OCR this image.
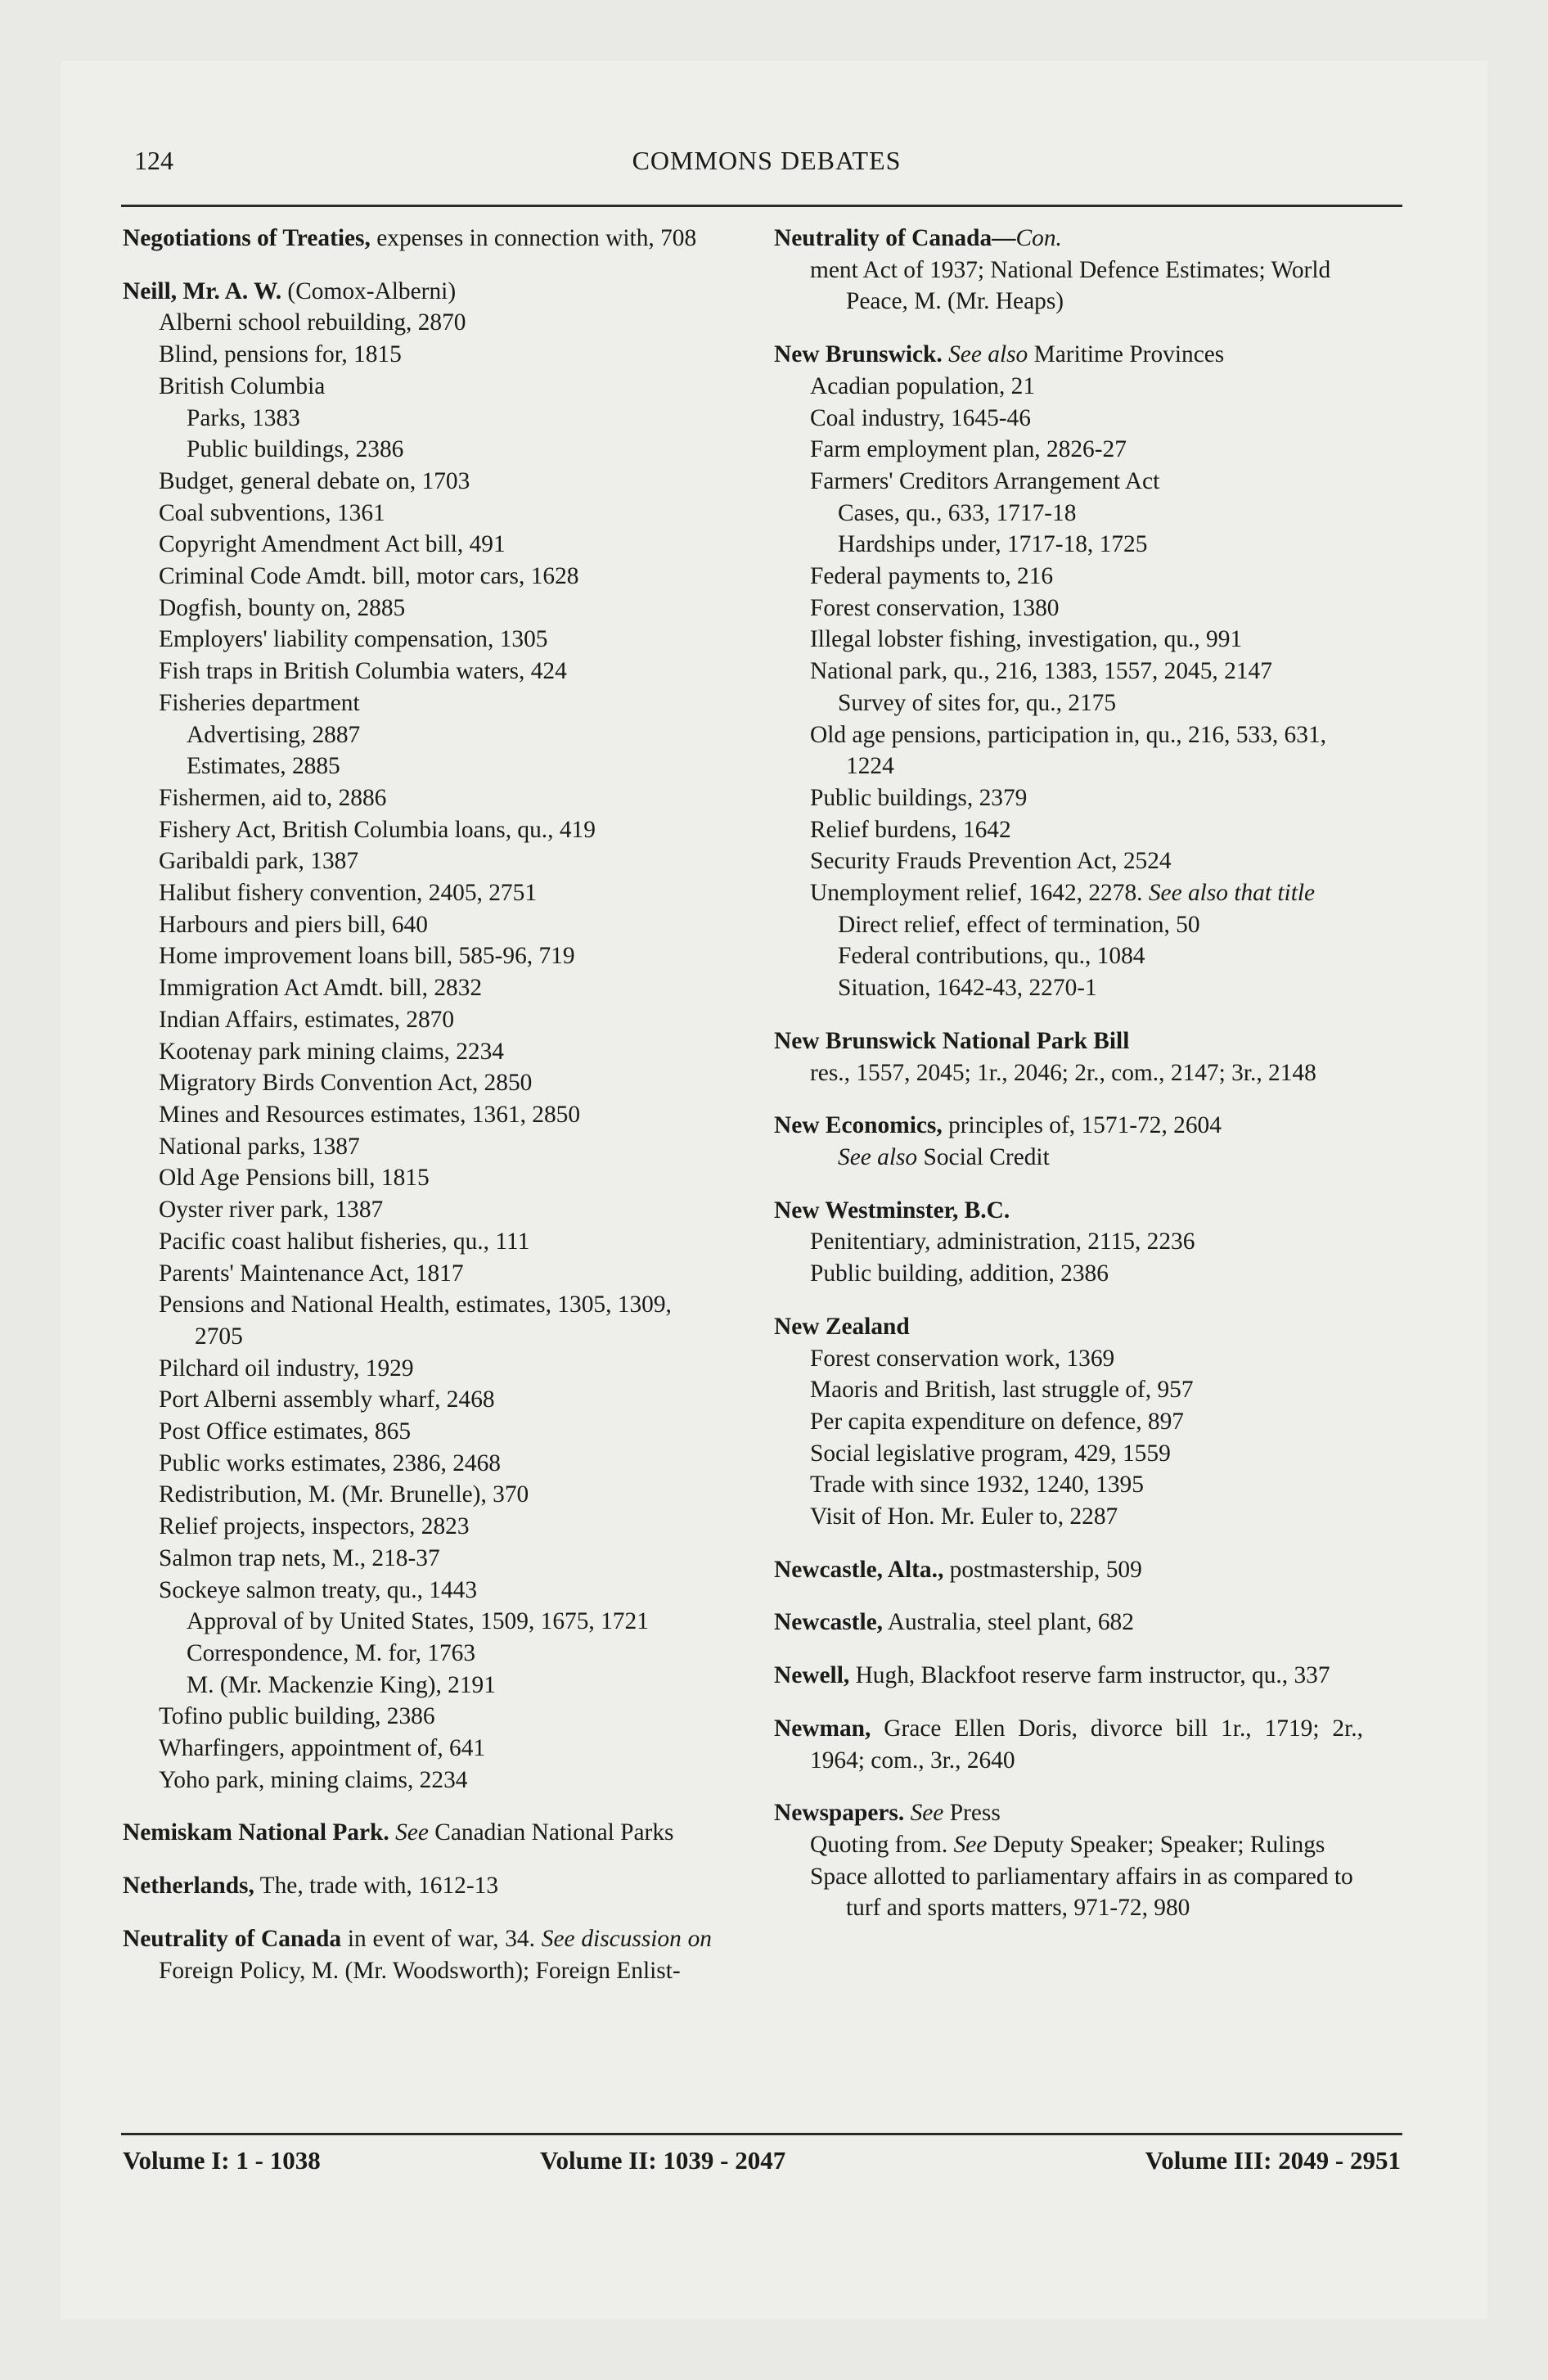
124	COMMONS DEBATES
Negotiations of Treaties, expenses in connection with, 708
Neill, Mr. A. W. (Comox-Alberni)
Alberni school rebuilding, 2870
Blind, pensions for, 1815
British Columbia
Parks, 1383
Public buildings, 2386
Budget, general debate on, 1703
Coal subventions, 1361
Copyright Amendment Act bill, 491
Criminal Code Amdt. bill, motor cars, 1628
Dogfish, bounty on, 2885
Employers' liability compensation, 1305
Fish traps in British Columbia waters, 424
Fisheries department
Advertising, 2887
Estimates, 2885
Fishermen, aid to, 2886
Fishery Act, British Columbia loans, qu., 419
Garibaldi park, 1387
Halibut fishery convention, 2405, 2751
Harbours and piers bill, 640
Home improvement loans bill, 585-96, 719
Immigration Act Amdt. bill, 2832
Indian Affairs, estimates, 2870
Kootenay park mining claims, 2234
Migratory Birds Convention Act, 2850
Mines and Resources estimates, 1361, 2850
National parks, 1387
Old Age Pensions bill, 1815
Oyster river park, 1387
Pacific coast halibut fisheries, qu., 111
Parents' Maintenance Act, 1817
Pensions and National Health, estimates, 1305, 1309, 2705
Pilchard oil industry, 1929
Port Alberni assembly wharf, 2468
Post Office estimates, 865
Public works estimates, 2386, 2468
Redistribution, M. (Mr. Brunelle), 370
Relief projects, inspectors, 2823
Salmon trap nets, M., 218-37
Sockeye salmon treaty, qu., 1443
Approval of by United States, 1509, 1675, 1721
Correspondence, M. for, 1763
M. (Mr. Mackenzie King), 2191
Tofino public building, 2386
Wharfingers, appointment of, 641
Yoho park, mining claims, 2234
Nemiskam National Park. See Canadian National Parks
Netherlands, The, trade with, 1612-13
Neutrality of Canada in event of war, 34. See discussion on Foreign Policy, M. (Mr. Woodsworth); Foreign Enlist-
Neutrality of Canada—Con.
ment Act of 1937; National Defence Estimates; World Peace, M. (Mr. Heaps)
New Brunswick. See also Maritime Provinces
Acadian population, 21
Coal industry, 1645-46
Farm employment plan, 2826-27
Farmers' Creditors Arrangement Act
Cases, qu., 633, 1717-18
Hardships under, 1717-18, 1725
Federal payments to, 216
Forest conservation, 1380
Illegal lobster fishing, investigation, qu., 991
National park, qu., 216, 1383, 1557, 2045, 2147
Survey of sites for, qu., 2175
Old age pensions, participation in, qu., 216, 533, 631, 1224
Public buildings, 2379
Relief burdens, 1642
Security Frauds Prevention Act, 2524
Unemployment relief, 1642, 2278. See also that title
Direct relief, effect of termination, 50
Federal contributions, qu., 1084
Situation, 1642-43, 2270-1
New Brunswick National Park Bill
res., 1557, 2045; 1r., 2046; 2r., com., 2147; 3r., 2148
New Economics, principles of, 1571-72, 2604
See also Social Credit
New Westminster, B.C.
Penitentiary, administration, 2115, 2236
Public building, addition, 2386
New Zealand
Forest conservation work, 1369
Maoris and British, last struggle of, 957
Per capita expenditure on defence, 897
Social legislative program, 429, 1559
Trade with since 1932, 1240, 1395
Visit of Hon. Mr. Euler to, 2287
Newcastle, Alta., postmastership, 509
Newcastle, Australia, steel plant, 682
Newell, Hugh, Blackfoot reserve farm instructor, qu., 337
Newman, Grace Ellen Doris, divorce bill 1r., 1719; 2r., 1964; com., 3r., 2640
Newspapers. See Press
Quoting from. See Deputy Speaker; Speaker; Rulings
Space allotted to parliamentary affairs in as compared to turf and sports matters, 971-72, 980
Volume I: 1 - 1038	Volume II: 1039 - 2047	Volume III: 2049 - 2951
